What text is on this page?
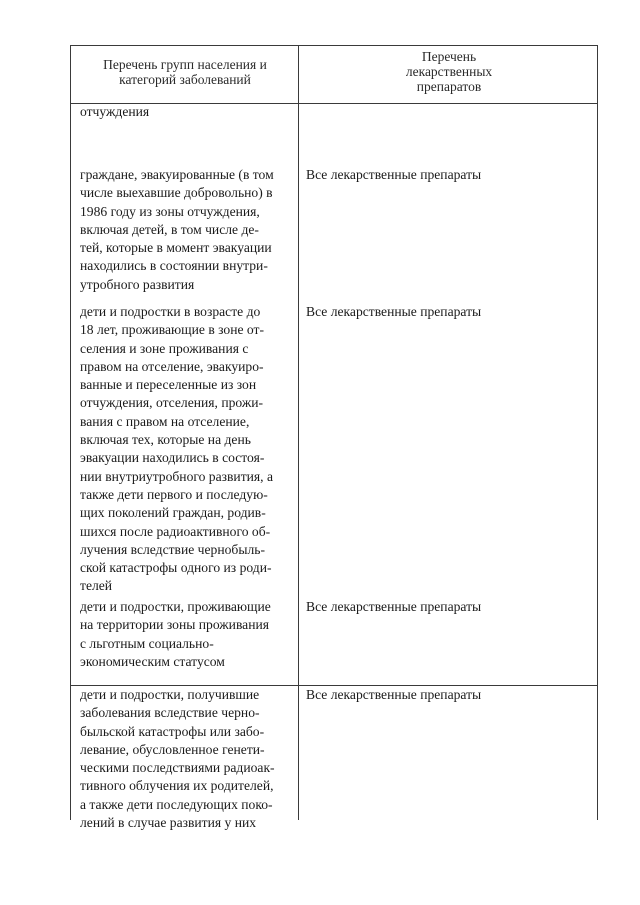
Перечень групп населения и
категорий заболеваний
Перечень
лекарственных
препаратов
отчуждения
граждане, эвакуированные (в том
числе выехавшие добровольно) в
1986 году из зоны отчуждения,
включая детей, в том числе де-
тей, которые в момент эвакуации
находились в состоянии внутри-
утробного развития
Все лекарственные препараты
дети и подростки в возрасте до
18 лет, проживающие в зоне от-
селения и зоне проживания с
правом на отселение, эвакуиро-
ванные и переселенные из зон
отчуждения, отселения, прожи-
вания с правом на отселение,
включая тех, которые на день
эвакуации находились в состоя-
нии внутриутробного развития, а
также дети первого и последую-
щих поколений граждан, родив-
шихся после радиоактивного об-
лучения вследствие чернобыль-
ской катастрофы одного из роди-
телей
Все лекарственные препараты
дети и подростки, проживающие
на территории зоны проживания
с льготным социально-
экономическим статусом
Все лекарственные препараты
дети и подростки, получившие
заболевания вследствие черно-
быльской катастрофы или забо-
левание, обусловленное генети-
ческими последствиями радиоак-
тивного облучения их родителей,
а также дети последующих поко-
лений в случае развития у них
Все лекарственные препараты
